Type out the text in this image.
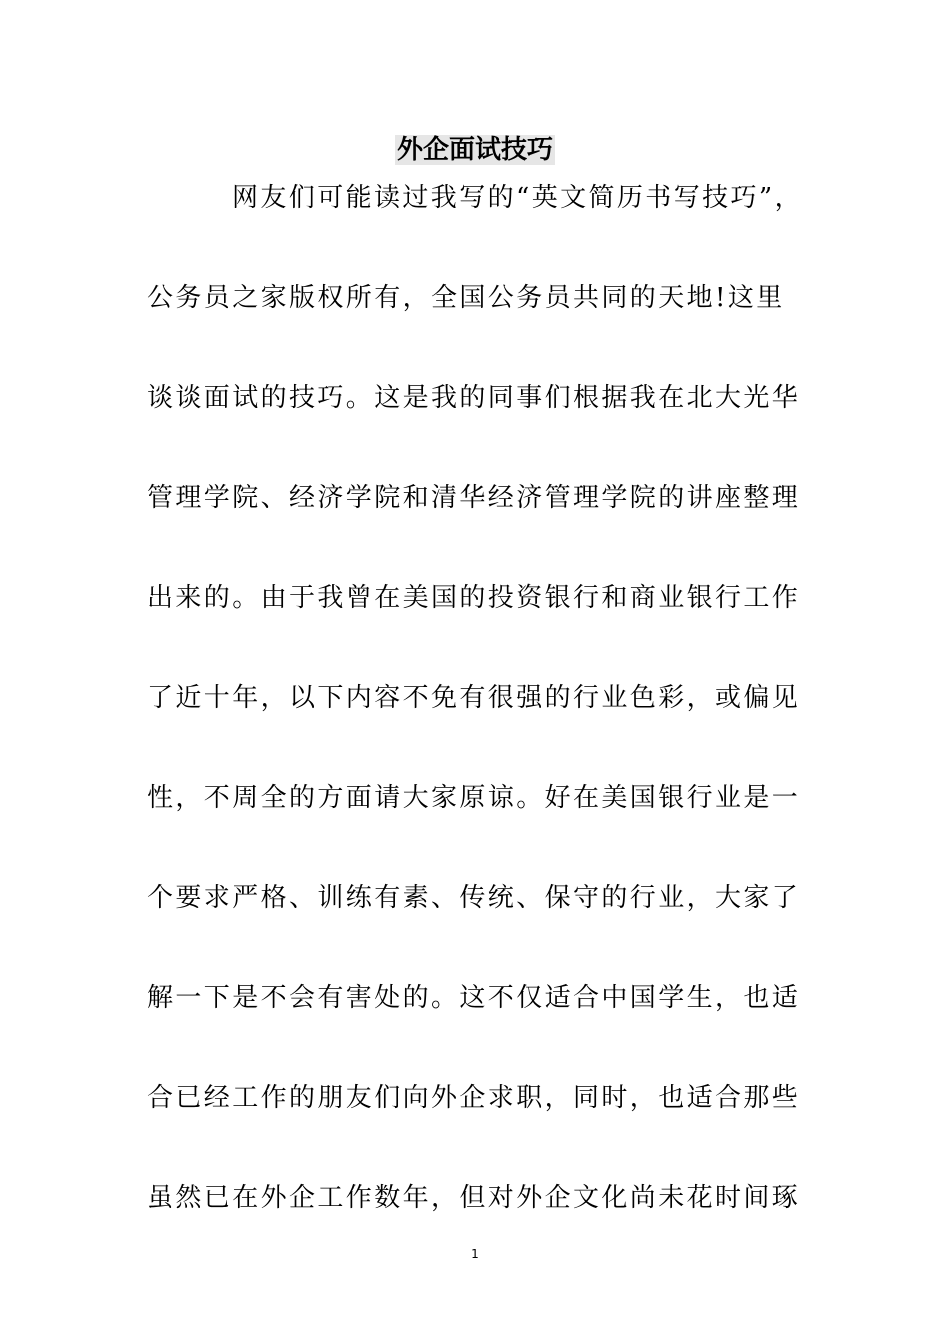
外企面试技巧
网友们可能读过我写的“英文简历书写技巧”，
公务员之家版权所有，全国公务员共同的天地!这里
谈谈面试的技巧。这是我的同事们根据我在北大光华
管理学院、经济学院和清华经济管理学院的讲座整理
出来的。由于我曾在美国的投资银行和商业银行工作
了近十年，以下内容不免有很强的行业色彩，或偏见
性，不周全的方面请大家原谅。好在美国银行业是一
个要求严格、训练有素、传统、保守的行业，大家了
解一下是不会有害处的。这不仅适合中国学生，也适
合已经工作的朋友们向外企求职，同时，也适合那些
虽然已在外企工作数年，但对外企文化尚未花时间琢
1
